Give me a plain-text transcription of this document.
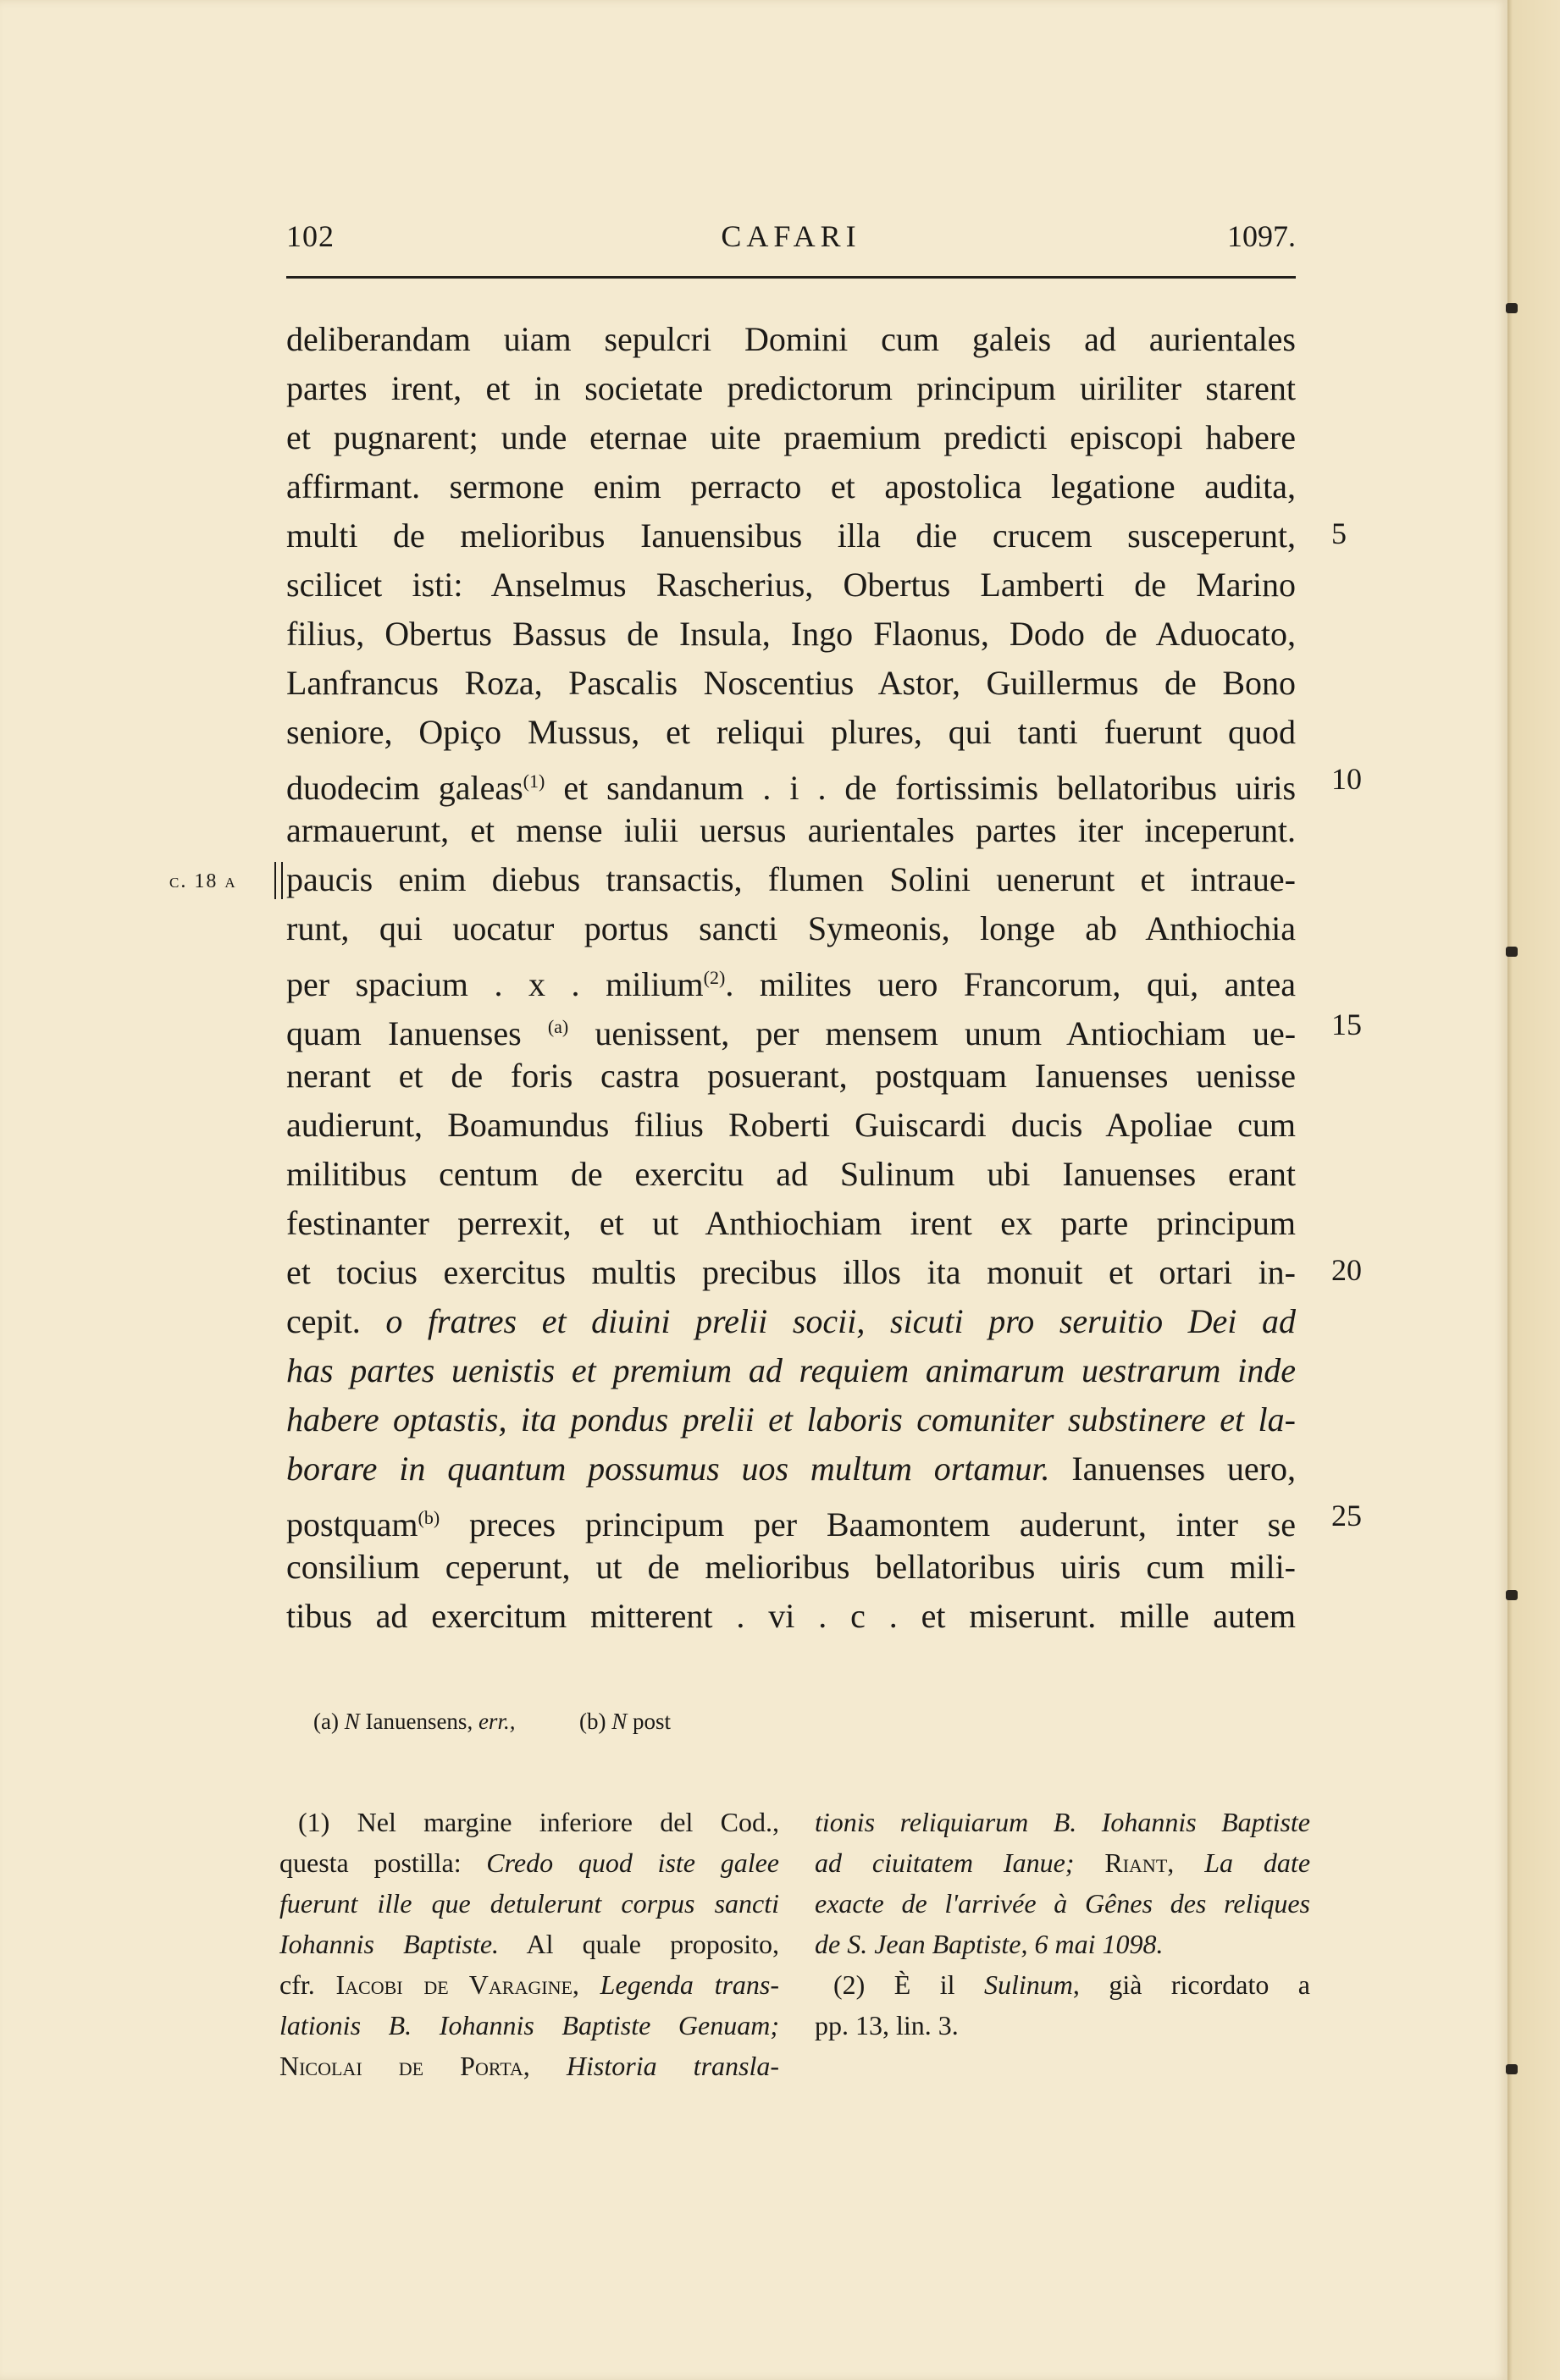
102	CAFARI	1097.
c. 18 a
deliberandam uiam sepulcri Domini cum galeis ad aurientales
partes irent, et in societate predictorum principum uiriliter starent
et pugnarent; unde eternae uite praemium predicti episcopi habere
affirmant. sermone enim perracto et apostolica legatione audita,
multi de melioribus Ianuensibus illa die crucem susceperunt,
scilicet isti: Anselmus Rascherius, Obertus Lamberti de Marino
filius, Obertus Bassus de Insula, Ingo Flaonus, Dodo de Aduocato,
Lanfrancus Roza, Pascalis Noscentius Astor, Guillermus de Bono
seniore, Opiço Mussus, et reliqui plures, qui tanti fuerunt quod
duodecim galeas$^{(1)}$ et sandanum . i . de fortissimis bellatoribus uiris
armauerunt, et mense iulii uersus aurientales partes iter inceperunt.
paucis enim diebus transactis, flumen Solini uenerunt et intraue-
runt, qui uocatur portus sancti Symeonis, longe ab Anthiochia
per spacium . x . milium$^{(2)}$. milites uero Francorum, qui, antea
quam Ianuenses $^{(a)}$ uenissent, per mensem unum Antiochiam ue-
nerant et de foris castra posuerant, postquam Ianuenses uenisse
audierunt, Boamundus filius Roberti Guiscardi ducis Apoliae cum
militibus centum de exercitu ad Sulinum ubi Ianuenses erant
festinanter perrexit, et ut Anthiochiam irent ex parte principum
et tocius exercitus multis precibus illos ita monuit et ortari in-
cepit. o fratres et diuini prelii socii, sicuti pro seruitio Dei ad
has partes uenistis et premium ad requiem animarum uestrarum inde
habere optastis, ita pondus prelii et laboris comuniter substinere et la-
borare in quantum possumus uos multum ortamur. Ianuenses uero,
postquam$^{(b)}$ preces principum per Baamontem auderunt, inter se
consilium ceperunt, ut de melioribus bellatoribus uiris cum mili-
tibus ad exercitum mitterent . vi . c . et miserunt. mille autem
5
10
15
20
25
(a) N Ianuensens, err.,	(b) N post
(1) Nel margine inferiore del Cod.,
questa postilla: Credo quod iste galee
fuerunt ille que detulerunt corpus sancti
Iohannis Baptiste. Al quale proposito,
cfr. Iacobi de Varagine, Legenda trans-
lationis B. Iohannis Baptiste Genuam;
Nicolai de Porta, Historia transla-
tionis reliquiarum B. Iohannis Baptiste
ad ciuitatem Ianue; Riant, La date
exacte de l'arrivée à Gênes des reliques
de S. Jean Baptiste, 6 mai 1098.
(2) È il Sulinum, già ricordato a
pp. 13, lin. 3.
